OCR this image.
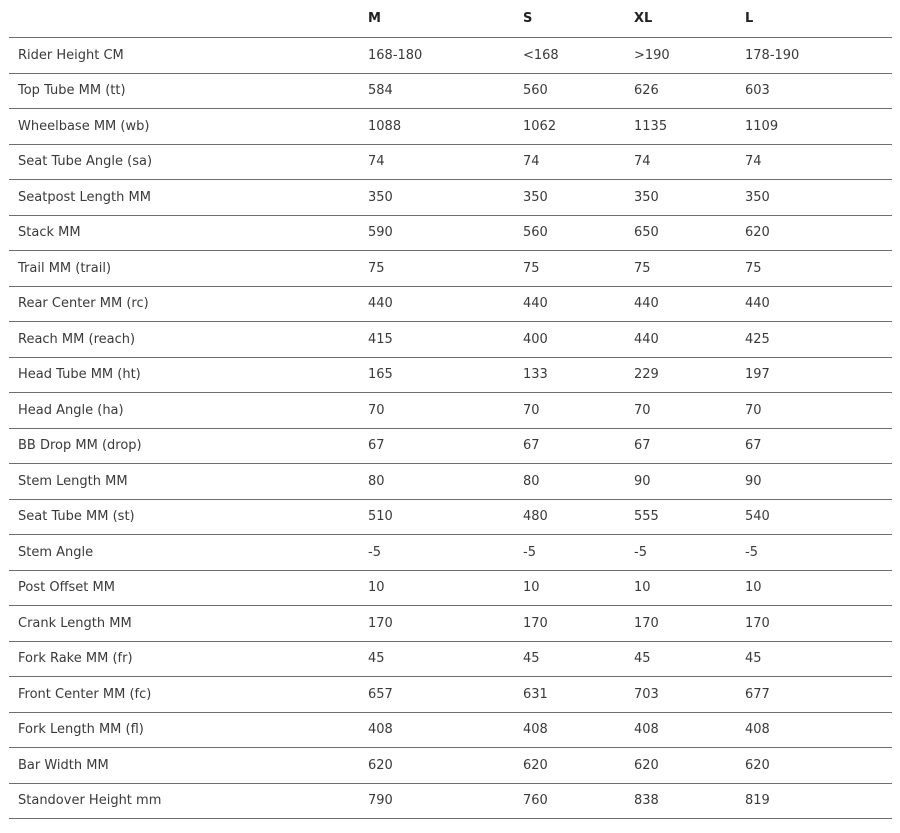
	M	S	XL	L
Rider Height CM	168-180	<168	>190	178-190
Top Tube MM (tt)	584	560	626	603
Wheelbase MM (wb)	1088	1062	1135	1109
Seat Tube Angle (sa)	74	74	74	74
Seatpost Length MM	350	350	350	350
Stack MM	590	560	650	620
Trail MM (trail)	75	75	75	75
Rear Center MM (rc)	440	440	440	440
Reach MM (reach)	415	400	440	425
Head Tube MM (ht)	165	133	229	197
Head Angle (ha)	70	70	70	70
BB Drop MM (drop)	67	67	67	67
Stem Length MM	80	80	90	90
Seat Tube MM (st)	510	480	555	540
Stem Angle	-5	-5	-5	-5
Post Offset MM	10	10	10	10
Crank Length MM	170	170	170	170
Fork Rake MM (fr)	45	45	45	45
Front Center MM (fc)	657	631	703	677
Fork Length MM (fl)	408	408	408	408
Bar Width MM	620	620	620	620
Standover Height mm	790	760	838	819
